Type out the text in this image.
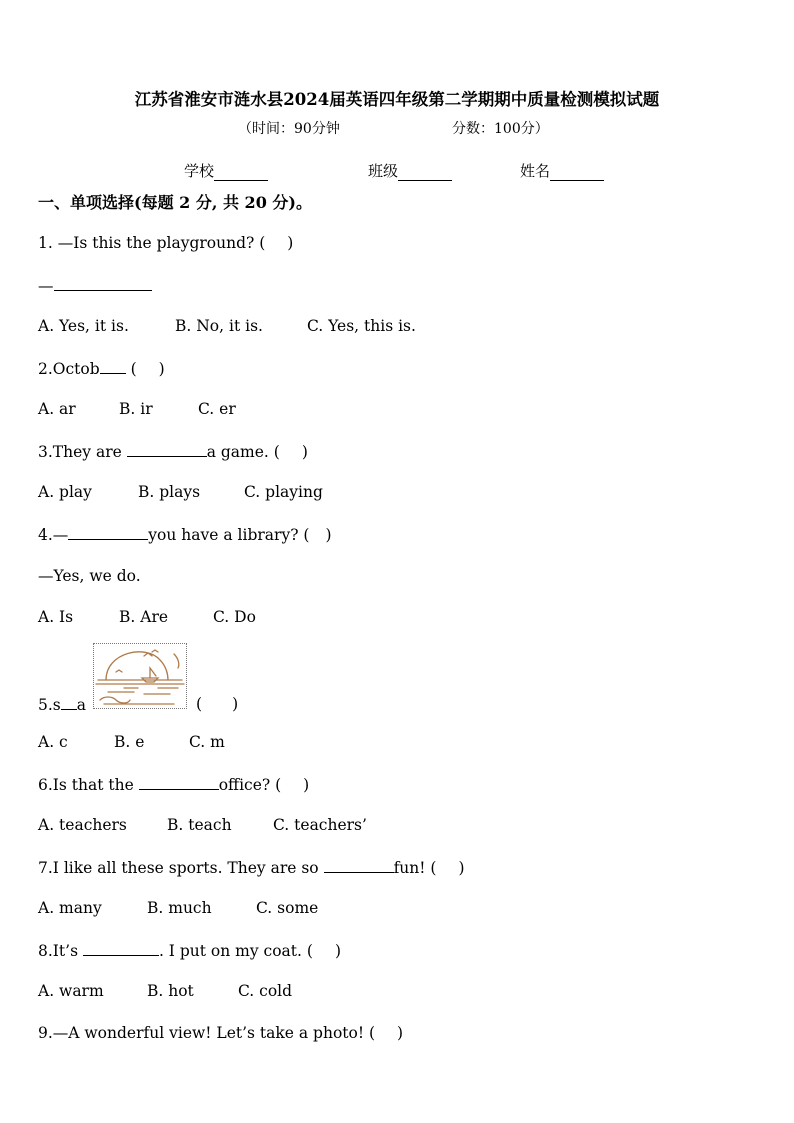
江苏省淮安市涟水县2024届英语四年级第二学期期中质量检测模拟试题
（时间：90分钟	分数：100分）
学校	班级	姓名
一、单项选择(每题 2 分, 共 20 分)。
1. —Is this the playground? ( )
—
A. Yes, it is.	B. No, it is.	C. Yes, this is.
2.Octob ( )
A. ar	B. ir	C. er
3.They are	a game. ( )
A. play	B. plays	C. playing
4.—	you have a library? ( )
—Yes, we do.
A. Is	B. Are	C. Do
5.s a	( )
A. c	B. e	C. m
6.Is that the	office? ( )
A. teachers	B. teach	C. teachers’
7.I like all these sports. They are so	fun! ( )
A. many	B. much	C. some
8.It’s	. I put on my coat. ( )
A. warm	B. hot	C. cold
9.—A wonderful view! Let’s take a photo! ( )
